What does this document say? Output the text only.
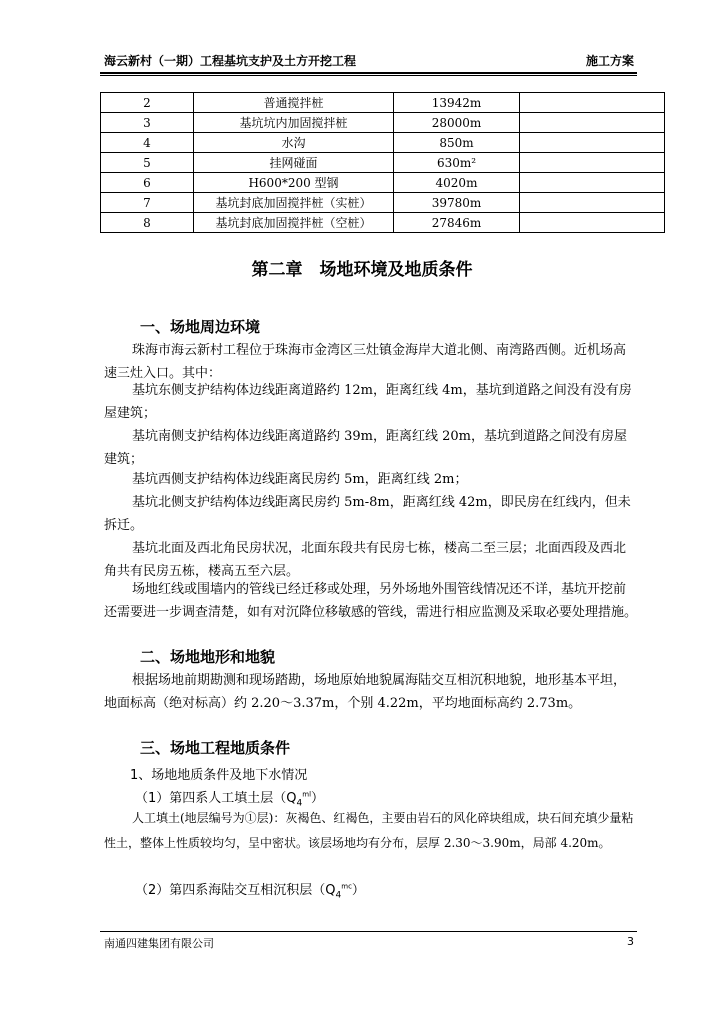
海云新村（一期）工程基坑支护及土方开挖工程	施工方案
2	普通搅拌桩	13942m	
3	基坑坑内加固搅拌桩	28000m	
4	水沟	850m	
5	挂网碰面	630m²	
6	H600*200 型钢	4020m	
7	基坑封底加固搅拌桩（实桩）	39780m	
8	基坑封底加固搅拌桩（空桩）	27846m	
第二章　场地环境及地质条件
一、场地周边环境
珠海市海云新村工程位于珠海市金湾区三灶镇金海岸大道北侧、南湾路西侧。近机场高速三灶入口。其中：
基坑东侧支护结构体边线距离道路约 12m，距离红线 4m，基坑到道路之间没有没有房屋建筑；
基坑南侧支护结构体边线距离道路约 39m，距离红线 20m，基坑到道路之间没有房屋建筑；
基坑西侧支护结构体边线距离民房约 5m，距离红线 2m；
基坑北侧支护结构体边线距离民房约 5m-8m，距离红线 42m，即民房在红线内，但未拆迁。
基坑北面及西北角民房状况，北面东段共有民房七栋，楼高二至三层；北面西段及西北角共有民房五栋，楼高五至六层。
场地红线或围墙内的管线已经迁移或处理，另外场地外围管线情况还不详，基坑开挖前还需要进一步调查清楚，如有对沉降位移敏感的管线，需进行相应监测及采取必要处理措施。
二、场地地形和地貌
根据场地前期勘测和现场踏勘，场地原始地貌属海陆交互相沉积地貌，地形基本平坦，地面标高（绝对标高）约 2.20～3.37m，个别 4.22m，平均地面标高约 2.73m。
三、场地工程地质条件
1、场地地质条件及地下水情况
（1）第四系人工填土层$(Q_4^{ml})$
人工填土(地层编号为①层)：灰褐色、红褐色，主要由岩石的风化碎块组成，块石间充填少量粘性土，整体上性质较均匀，呈中密状。该层场地均有分布，层厚 2.30～3.90m，局部 4.20m。
（2）第四系海陆交互相沉积层$(Q_4^{mc})$
南通四建集团有限公司	3
